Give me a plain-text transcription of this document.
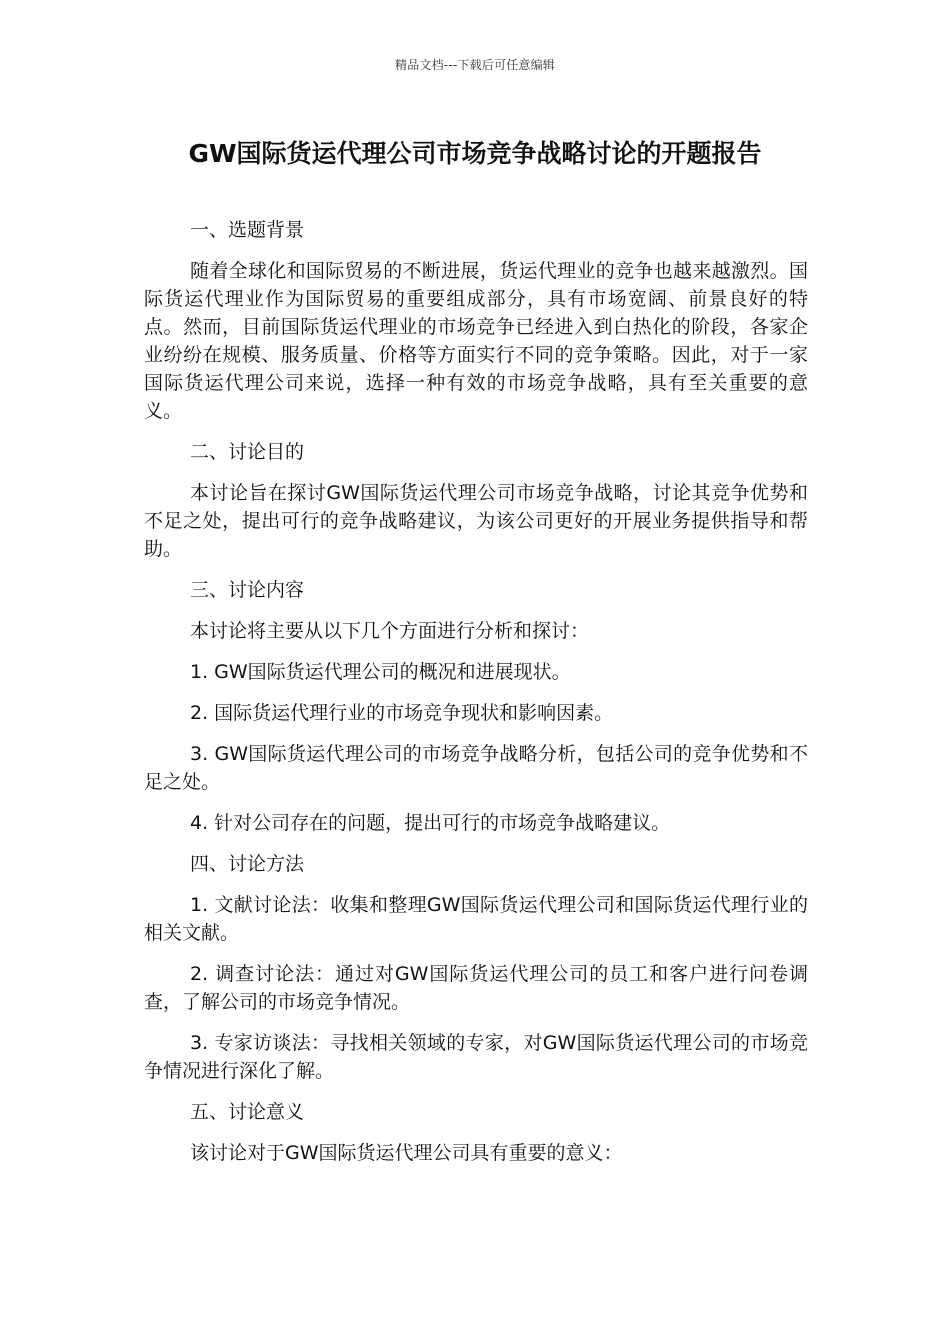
精品文档---下载后可任意编辑
GW国际货运代理公司市场竞争战略讨论的开题报告

一、选题背景

随着全球化和国际贸易的不断进展，货运代理业的竞争也越来越激烈。国际货运代理业作为国际贸易的重要组成部分，具有市场宽阔、前景良好的特点。然而，目前国际货运代理业的市场竞争已经进入到白热化的阶段，各家企业纷纷在规模、服务质量、价格等方面实行不同的竞争策略。因此，对于一家国际货运代理公司来说，选择一种有效的市场竞争战略，具有至关重要的意义。

二、讨论目的

本讨论旨在探讨GW国际货运代理公司市场竞争战略，讨论其竞争优势和不足之处，提出可行的竞争战略建议，为该公司更好的开展业务提供指导和帮助。

三、讨论内容

本讨论将主要从以下几个方面进行分析和探讨：

1. GW国际货运代理公司的概况和进展现状。

2. 国际货运代理行业的市场竞争现状和影响因素。

3. GW国际货运代理公司的市场竞争战略分析，包括公司的竞争优势和不足之处。

4. 针对公司存在的问题，提出可行的市场竞争战略建议。

四、讨论方法

1. 文献讨论法：收集和整理GW国际货运代理公司和国际货运代理行业的相关文献。

2. 调查讨论法：通过对GW国际货运代理公司的员工和客户进行问卷调查，了解公司的市场竞争情况。

3. 专家访谈法：寻找相关领域的专家，对GW国际货运代理公司的市场竞争情况进行深化了解。

五、讨论意义

该讨论对于GW国际货运代理公司具有重要的意义：
